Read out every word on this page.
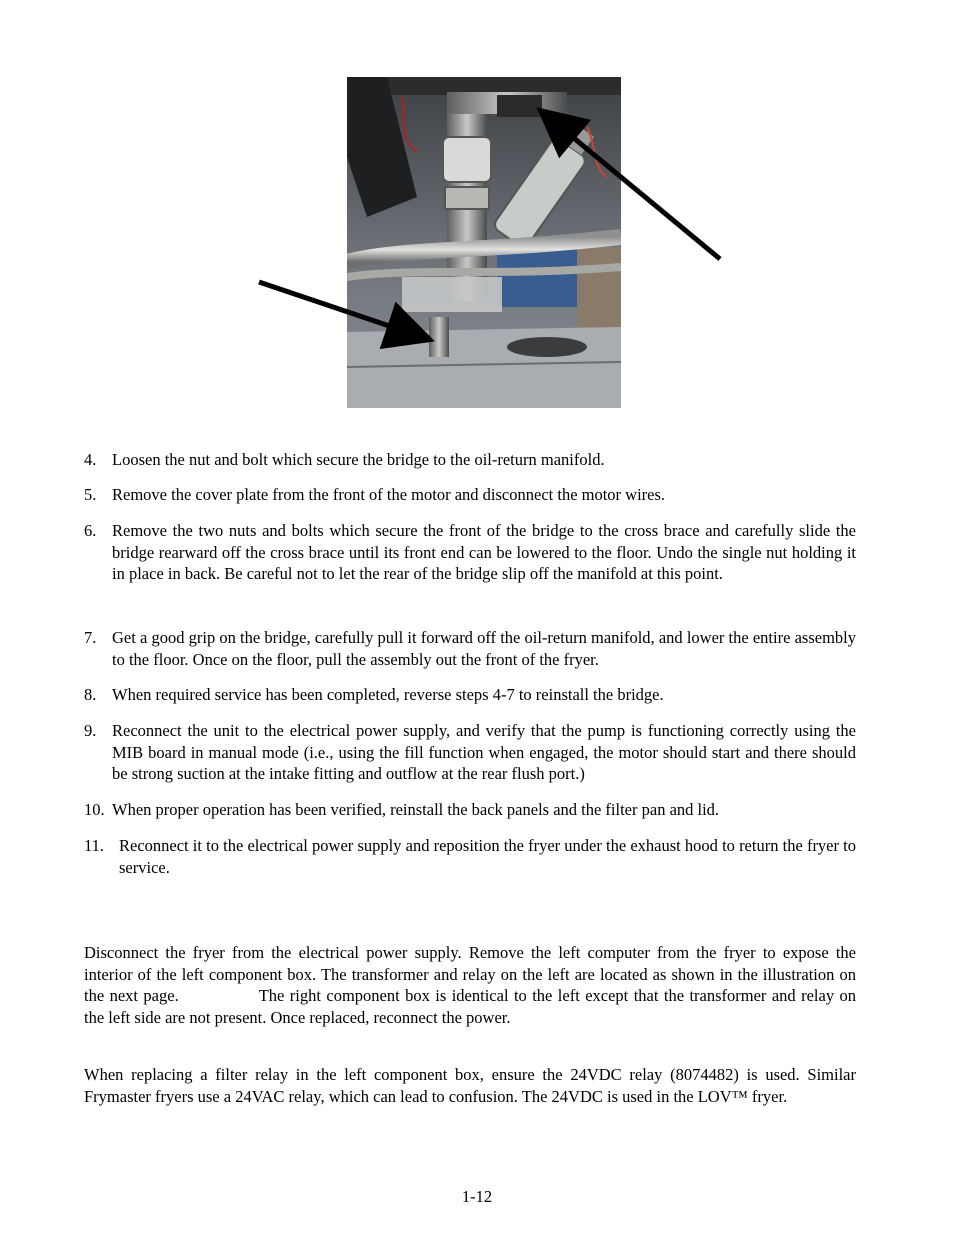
4. Loosen the nut and bolt which secure the bridge to the oil-return manifold.
5. Remove the cover plate from the front of the motor and disconnect the motor wires.
6. Remove the two nuts and bolts which secure the front of the bridge to the cross brace and carefully slide the bridge rearward off the cross brace until its front end can be lowered to the floor. Undo the single nut holding it in place in back. Be careful not to let the rear of the bridge slip off the manifold at this point.
7. Get a good grip on the bridge, carefully pull it forward off the oil-return manifold, and lower the entire assembly to the floor. Once on the floor, pull the assembly out the front of the fryer.
8. When required service has been completed, reverse steps 4-7 to reinstall the bridge.
9. Reconnect the unit to the electrical power supply, and verify that the pump is functioning correctly using the MIB board in manual mode (i.e., using the fill function when engaged, the motor should start and there should be strong suction at the intake fitting and outflow at the rear flush port.)
10. When proper operation has been verified, reinstall the back panels and the filter pan and lid.
11. Reconnect it to the electrical power supply and reposition the fryer under the exhaust hood to return the fryer to service.

Disconnect the fryer from the electrical power supply. Remove the left computer from the fryer to expose the interior of the left component box. The transformer and relay on the left are located as shown in the illustration on the next page.	The right component box is identical to the left except that the transformer and relay on the left side are not present. Once replaced, reconnect the power.

When replacing a filter relay in the left component box, ensure the 24VDC relay (8074482) is used. Similar Frymaster fryers use a 24VAC relay, which can lead to confusion. The 24VDC is used in the LOV™ fryer.

1-12
